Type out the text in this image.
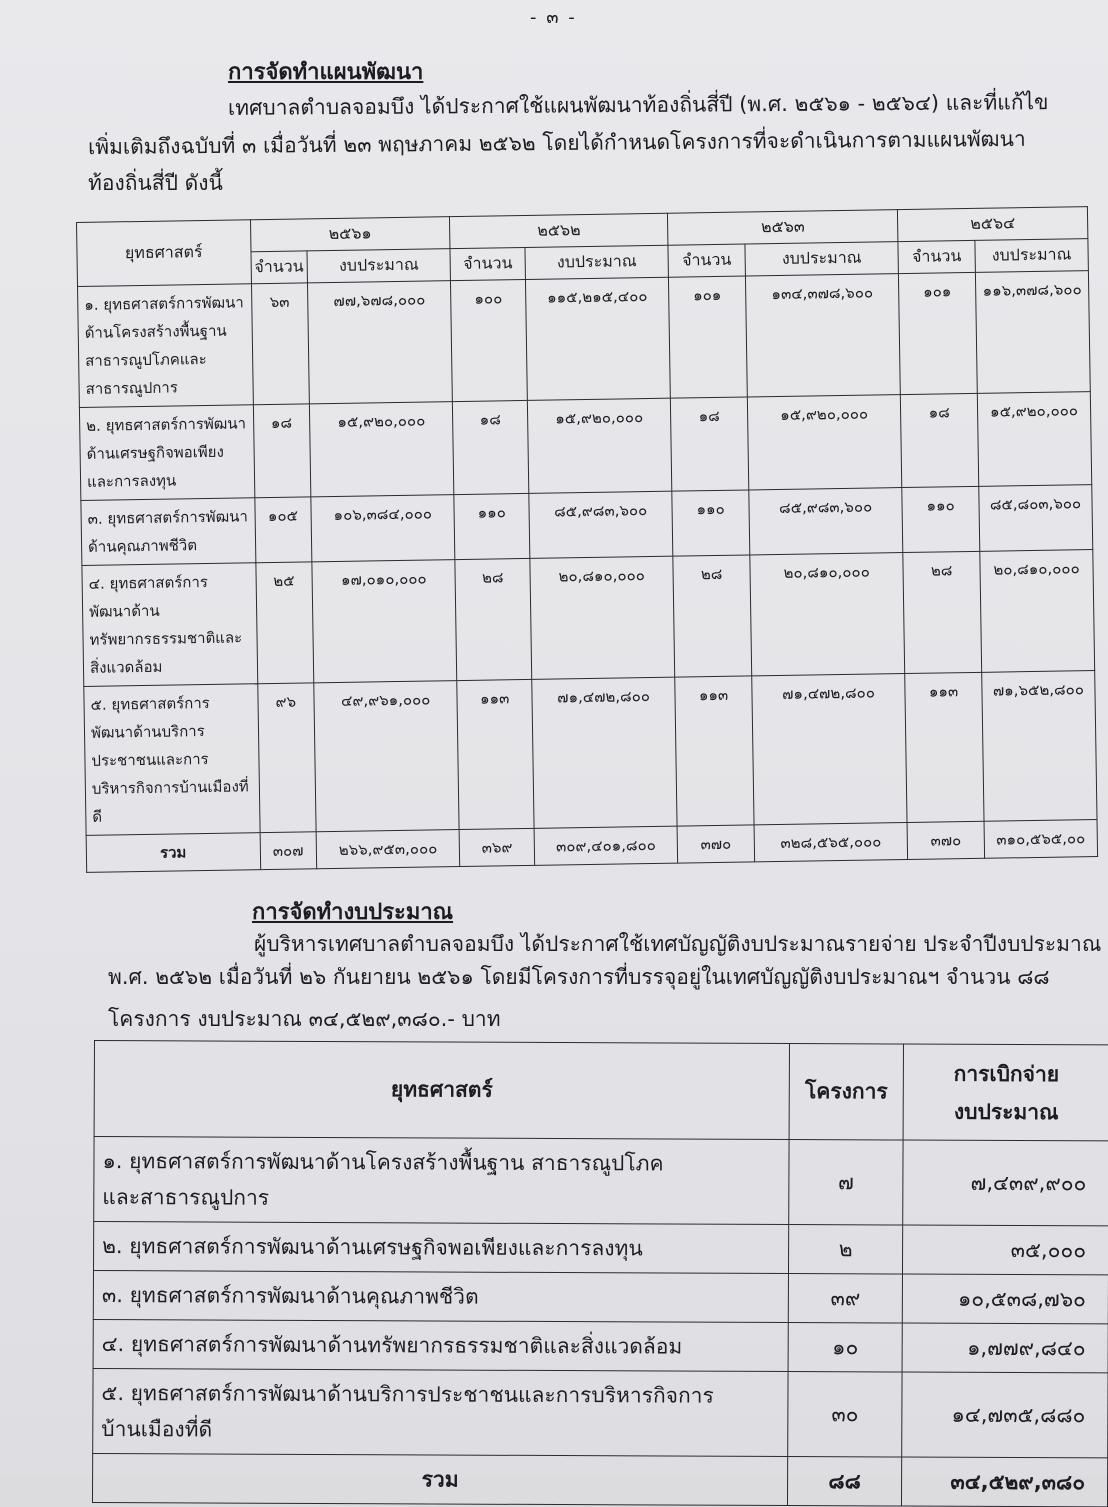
- ๓ -
การจัดทำแผนพัฒนา
เทศบาลตำบลจอมบึง ได้ประกาศใช้แผนพัฒนาท้องถิ่นสี่ปี (พ.ศ. ๒๕๖๑ - ๒๕๖๔) และที่แก้ไข
เพิ่มเติมถึงฉบับที่ ๓ เมื่อวันที่ ๒๓ พฤษภาคม ๒๕๖๒ โดยได้กำหนดโครงการที่จะดำเนินการตามแผนพัฒนา
ท้องถิ่นสี่ปี ดังนี้
ยุทธศาสตร์	๒๕๖๑		๒๕๖๒		๒๕๖๓		๒๕๖๔	
	จำนวน	งบประมาณ	จำนวน	งบประมาณ	จำนวน	งบประมาณ	จำนวน	งบประมาณ
๑. ยุทธศาสตร์การพัฒนาด้านโครงสร้างพื้นฐาน สาธารณูปโภคและสาธารณูปการ	๖๓	๗๗,๖๗๘,๐๐๐	๑๐๐	๑๑๕,๒๑๕,๔๐๐	๑๐๑	๑๓๔,๓๗๘,๖๐๐	๑๐๑	๑๑๖,๓๗๘,๖๐๐
๒. ยุทธศาสตร์การพัฒนาด้านเศรษฐกิจพอเพียงและการลงทุน	๑๘	๑๕,๙๒๐,๐๐๐	๑๘	๑๕,๙๒๐,๐๐๐	๑๘	๑๕,๙๒๐,๐๐๐	๑๘	๑๕,๙๒๐,๐๐๐
๓. ยุทธศาสตร์การพัฒนาด้านคุณภาพชีวิต	๑๐๕	๑๐๖,๓๘๔,๐๐๐	๑๑๐	๘๕,๙๘๓,๖๐๐	๑๑๐	๘๕,๙๘๓,๖๐๐	๑๑๐	๘๕,๘๐๓,๖๐๐
๔. ยุทธศาสตร์การพัฒนาด้านทรัพยากรธรรมชาติและสิ่งแวดล้อม	๒๕	๑๗,๐๑๐,๐๐๐	๒๘	๒๐,๘๑๐,๐๐๐	๒๘	๒๐,๘๑๐,๐๐๐	๒๘	๒๐,๘๑๐,๐๐๐
๕. ยุทธศาสตร์การพัฒนาด้านบริการประชาชนและการบริหารกิจการบ้านเมืองที่ดี	๙๖	๔๙,๙๖๑,๐๐๐	๑๑๓	๗๑,๔๗๒,๘๐๐	๑๑๓	๗๑,๔๗๒,๘๐๐	๑๑๓	๗๑,๖๕๒,๘๐๐
รวม	๓๐๗	๒๖๖,๙๕๓,๐๐๐	๓๖๙	๓๐๙,๔๐๑,๘๐๐	๓๗๐	๓๒๘,๕๖๕,๐๐๐	๓๗๐	๓๑๐,๕๖๕,๐๐
การจัดทำงบประมาณ
ผู้บริหารเทศบาลตำบลจอมบึง ได้ประกาศใช้เทศบัญญัติงบประมาณรายจ่าย ประจำปีงบประมาณ
พ.ศ. ๒๕๖๒ เมื่อวันที่ ๒๖ กันยายน ๒๕๖๑ โดยมีโครงการที่บรรจุอยู่ในเทศบัญญัติงบประมาณฯ จำนวน ๘๘
โครงการ งบประมาณ ๓๔,๕๒๙,๓๘๐.- บาท
ยุทธศาสตร์	โครงการ	การเบิกจ่าย
งบประมาณ

๑. ยุทธศาสตร์การพัฒนาด้านโครงสร้างพื้นฐาน สาธารณูปโภคและสาธารณูปการ	๗	๗,๔๓๙,๙๐๐
๒. ยุทธศาสตร์การพัฒนาด้านเศรษฐกิจพอเพียงและการลงทุน	๒	๓๕,๐๐๐
๓. ยุทธศาสตร์การพัฒนาด้านคุณภาพชีวิต	๓๙	๑๐,๕๓๘,๗๖๐
๔. ยุทธศาสตร์การพัฒนาด้านทรัพยากรธรรมชาติและสิ่งแวดล้อม	๑๐	๑,๗๗๙,๘๔๐
๕. ยุทธศาสตร์การพัฒนาด้านบริการประชาชนและการบริหารกิจการบ้านเมืองที่ดี	๓๐	๑๔,๗๓๕,๘๘๐
รวม	๘๘	๓๔,๕๒๙,๓๘๐
